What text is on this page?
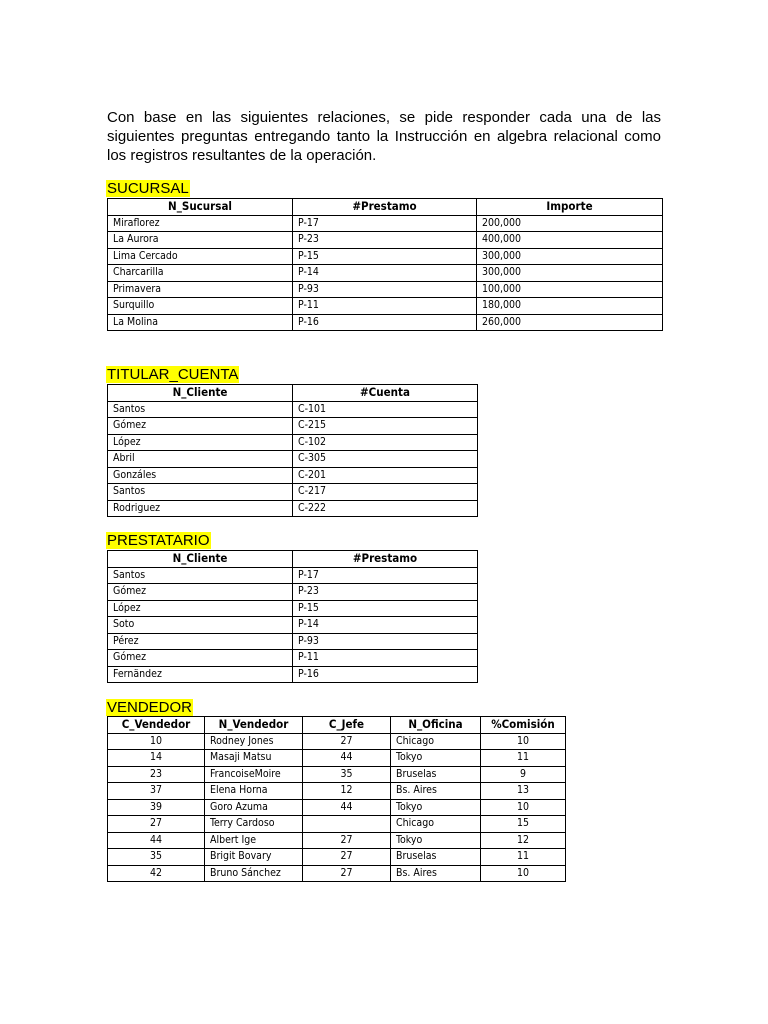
Con base en las siguientes relaciones, se pide responder cada una de las siguientes preguntas entregando tanto la Instrucción en algebra relacional como los registros resultantes de la operación.

SUCURSAL
N_Sucursal	#Prestamo	Importe
Miraflorez	P-17	200,000
La Aurora	P-23	400,000
Lima Cercado	P-15	300,000
Charcarilla	P-14	300,000
Primavera	P-93	100,000
Surquillo	P-11	180,000
La Molina	P-16	260,000
TITULAR_CUENTA
N_Cliente	#Cuenta
Santos	C-101
Gómez	C-215
López	C-102
Abril	C-305
Gonzáles	C-201
Santos	C-217
Rodriguez	C-222
PRESTATARIO
N_Cliente	#Prestamo
Santos	P-17
Gómez	P-23
López	P-15
Soto	P-14
Pérez	P-93
Gómez	P-11
Fernändez	P-16
VENDEDOR
C_Vendedor	N_Vendedor	C_Jefe	N_Oficina	%Comisión
10	Rodney Jones	27	Chicago	10
14	Masaji Matsu	44	Tokyo	11
23	FrancoiseMoire	35	Bruselas	9
37	Elena Horna	12	Bs. Aires	13
39	Goro Azuma	44	Tokyo	10
27	Terry Cardoso		Chicago	15
44	Albert Ige	27	Tokyo	12
35	Brigit Bovary	27	Bruselas	11
42	Bruno Sánchez	27	Bs. Aires	10
